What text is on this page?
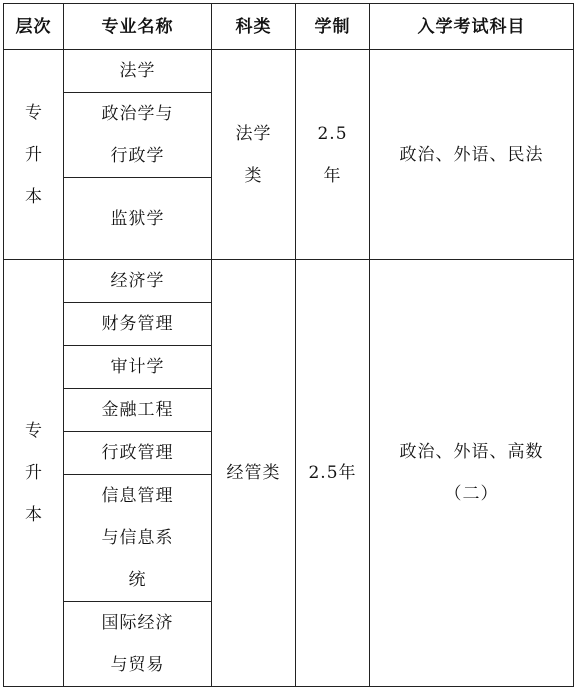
层次	专业名称	科类	学制	入学考试科目
专升本	法学	法学类	2.5年	政治、外语、民法
	政治学与行政学			
	监狱学			
专升本	经济学	经管类	2.5年	政治、外语、高数（二）
	财务管理			
	审计学			
	金融工程			
	行政管理			
	信息管理与信息系统			
	国际经济与贸易			
